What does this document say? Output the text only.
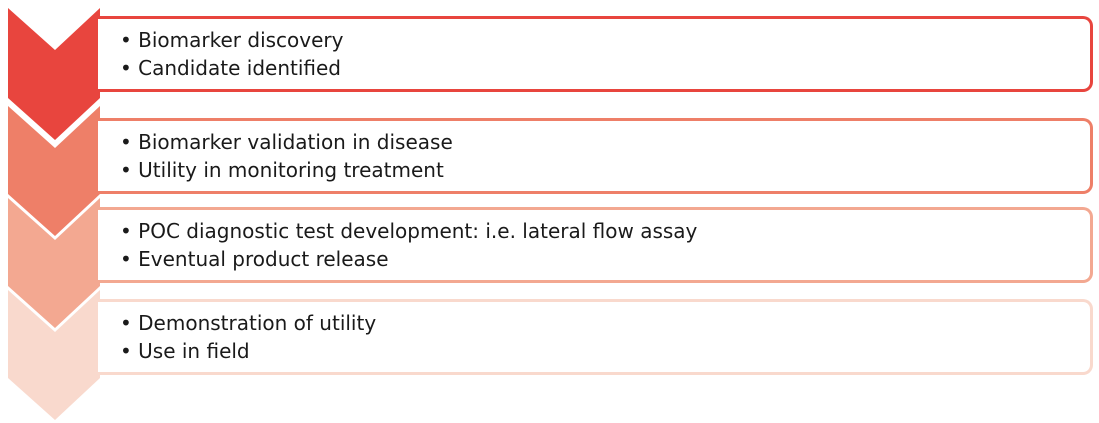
• Biomarker discovery
• Candidate identified
• Biomarker validation in disease
• Utility in monitoring treatment
• POC diagnostic test development: i.e. lateral flow assay
• Eventual product release
• Demonstration of utility
• Use in field
